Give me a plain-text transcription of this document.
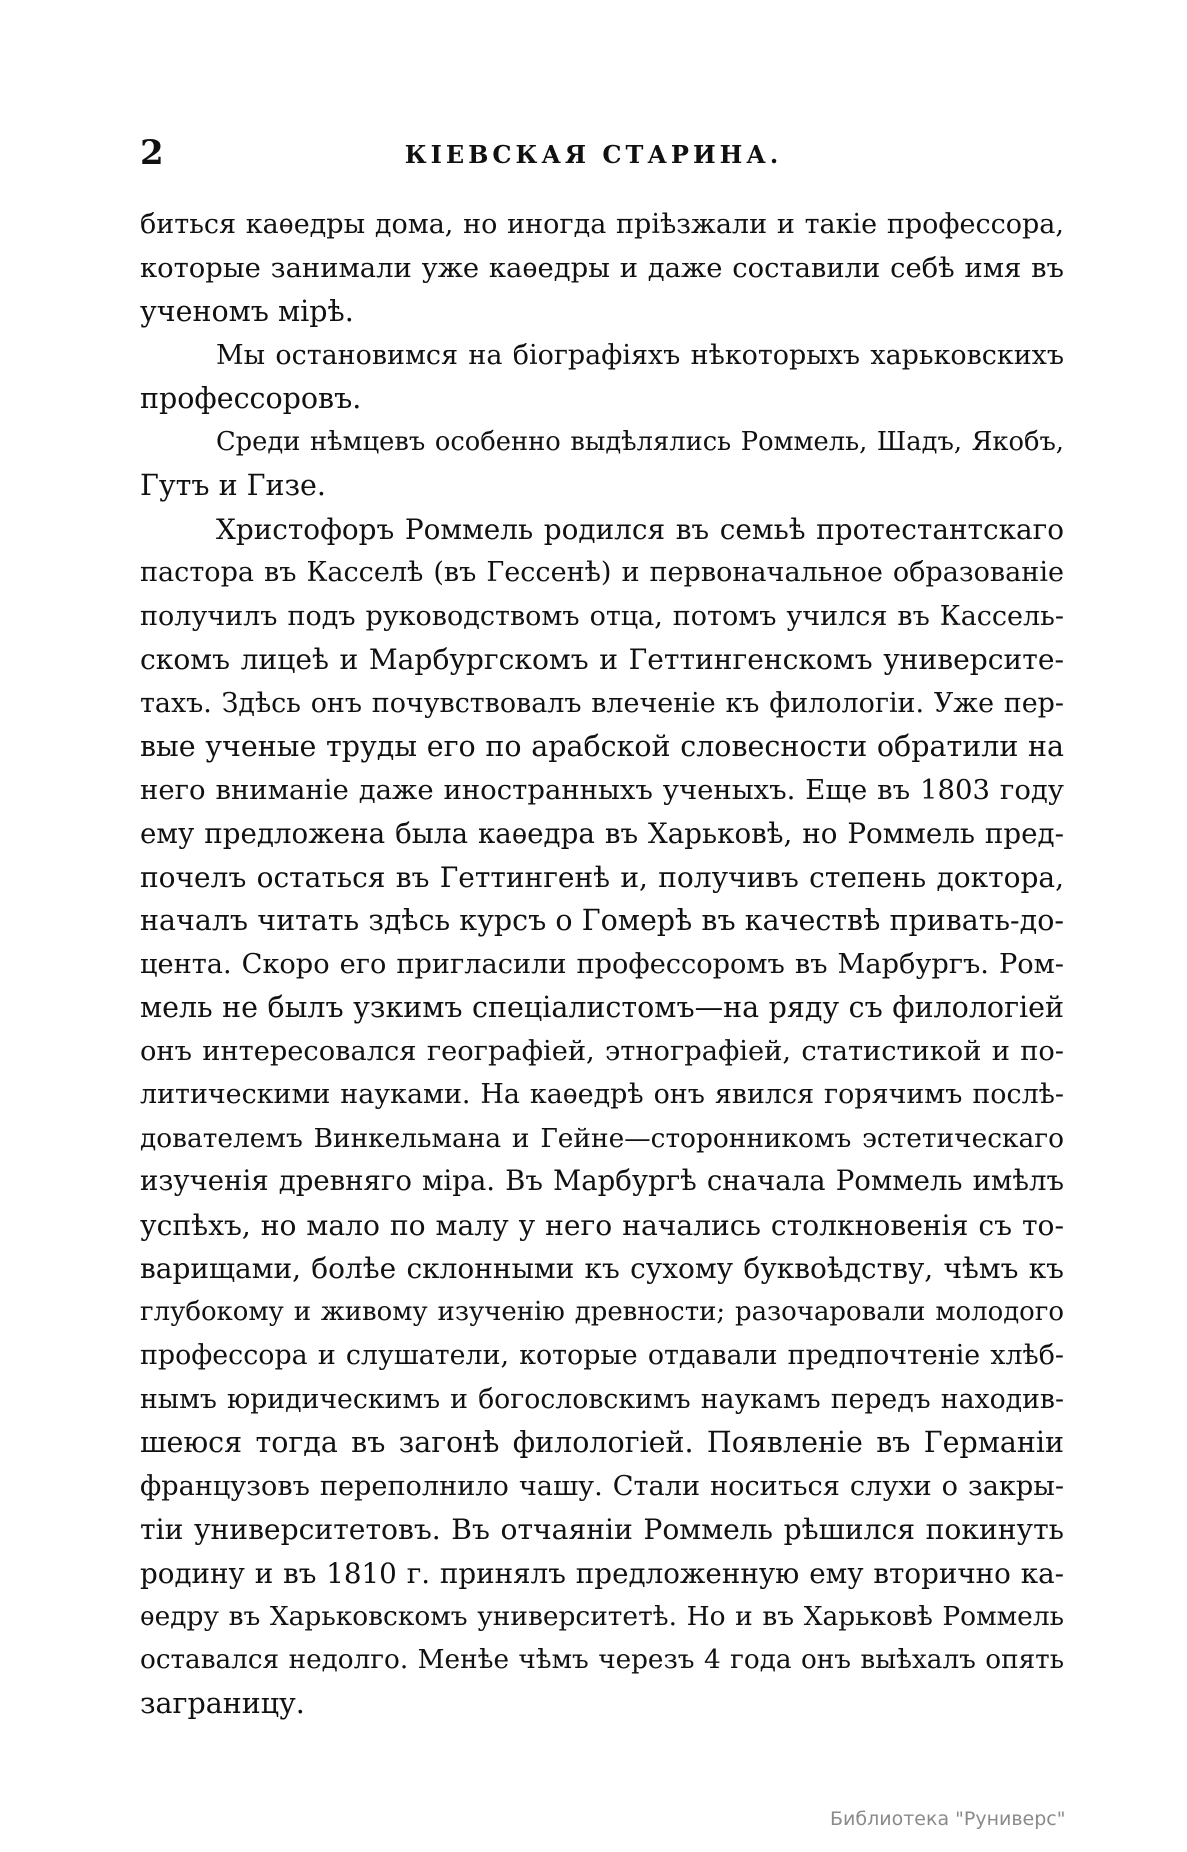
2	КІЕВСКАЯ СТАРИНА.

биться каѳедры дома, но иногда пріѣзжали и такіе профессора,
которые занимали уже каѳедры и даже составили себѣ имя въ
ученомъ мірѣ.

Мы остановимся на біографіяхъ нѣкоторыхъ харьковскихъ
профессоровъ.

Среди нѣмцевъ особенно выдѣлялись Роммель, Шадъ, Якобъ,
Гутъ и Гизе.

Христофоръ Роммель родился въ семьѣ протестантскаго
пастора въ Касселѣ (въ Гессенѣ) и первоначальное образованіе
получилъ подъ руководствомъ отца, потомъ учился въ Кассель-
скомъ лицеѣ и Марбургскомъ и Геттингенскомъ университе-
тахъ. Здѣсь онъ почувствовалъ влеченіе къ филологіи. Уже пер-
вые ученые труды его по арабской словесности обратили на
него вниманіе даже иностранныхъ ученыхъ. Еще въ 1803 году
ему предложена была каѳедра въ Харьковѣ, но Роммель пред-
почелъ остаться въ Геттингенѣ и, получивъ степень доктора,
началъ читать здѣсь курсъ о Гомерѣ въ качествѣ привать-до-
цента. Скоро его пригласили профессоромъ въ Марбургъ. Ром-
мель не былъ узкимъ спеціалистомъ—на ряду съ филологіей
онъ интересовался географіей, этнографіей, статистикой и по-
литическими науками. На каѳедрѣ онъ явился горячимъ послѣ-
дователемъ Винкельмана и Гейне—сторонникомъ эстетическаго
изученія древняго міра. Въ Марбургѣ сначала Роммель имѣлъ
успѣхъ, но мало по малу у него начались столкновенія съ то-
варищами, болѣе склонными къ сухому буквоѣдству, чѣмъ къ
глубокому и живому изученію древности; разочаровали молодого
профессора и слушатели, которые отдавали предпочтеніе хлѣб-
нымъ юридическимъ и богословскимъ наукамъ передъ находив-
шеюся тогда въ загонѣ филологіей. Появленіе въ Германіи
французовъ переполнило чашу. Стали носиться слухи о закры-
тіи университетовъ. Въ отчаяніи Роммель рѣшился покинуть
родину и въ 1810 г. принялъ предложенную ему вторично ка-
ѳедру въ Харьковскомъ университетѣ. Но и въ Харьковѣ Роммель
оставался недолго. Менѣе чѣмъ черезъ 4 года онъ выѣхалъ опять
заграницу.

Библиотека "Руниверс"
